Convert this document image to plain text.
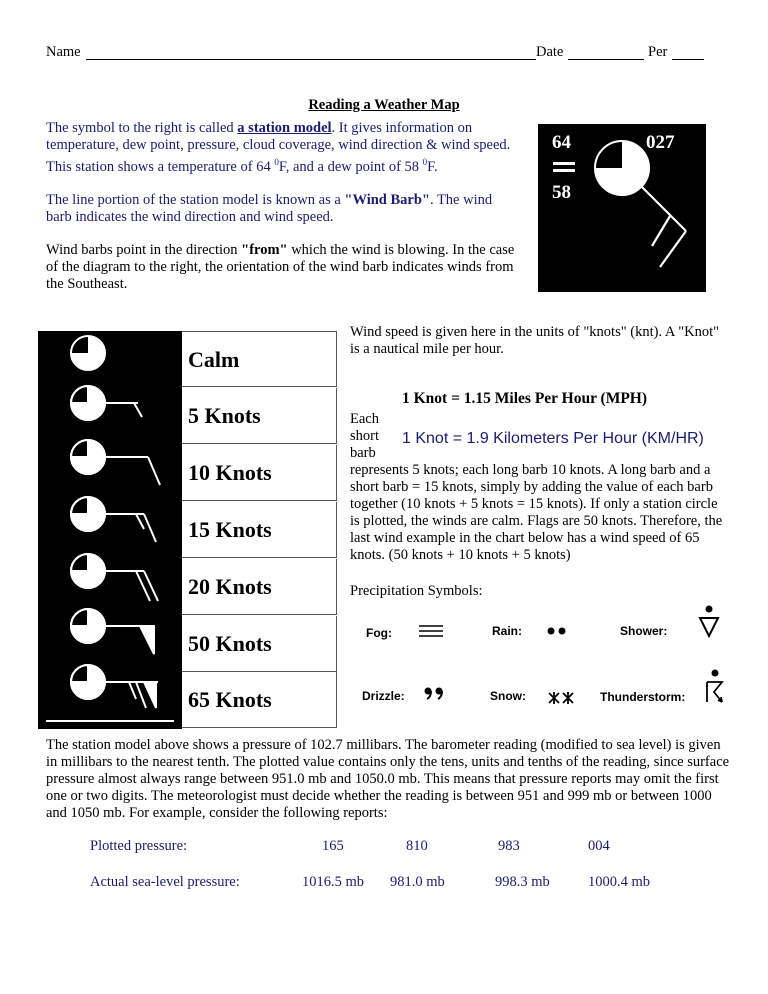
Name	Date	Per
Reading a Weather Map

The symbol to the right is called a station model. It gives information on temperature, dew point, pressure, cloud coverage, wind direction & wind speed. This station shows a temperature of 64 $^0$F, and a dew point of 58 $^0$F.

The line portion of the station model is known as a "Wind Barb". The wind barb indicates the wind direction and wind speed.

Wind barbs point in the direction "from" which the wind is blowing. In the case of the diagram to the right, the orientation of the wind barb indicates winds from the Southeast.

64
58
027
Calm
5 Knots
10 Knots
15 Knots
20 Knots
50 Knots
65 Knots

Wind speed is given here in the units of "knots" (knt). A "Knot" is a nautical mile per hour.

1 Knot = 1.15 Miles Per Hour (MPH)
Each
short 1 Knot = 1.9 Kilometers Per Hour (KM/HR)
barb

represents 5 knots; each long barb 10 knots. A long barb and a short barb = 15 knots, simply by adding the value of each barb together (10 knots + 5 knots = 15 knots). If only a station circle is plotted, the winds are calm. Flags are 50 knots. Therefore, the last wind example in the chart below has a wind speed of 65 knots. (50 knots + 10 knots + 5 knots)

Precipitation Symbols:

Fog:	Rain:	Shower:
Drizzle:	Snow:	Thunderstorm:

The station model above shows a pressure of 102.7 millibars. The barometer reading (modified to sea level) is given in millibars to the nearest tenth. The plotted value contains only the tens, units and tenths of the reading, since surface pressure almost always range between 951.0 mb and 1050.0 mb. This means that pressure reports may omit the first one or two digits. The meteorologist must decide whether the reading is between 951 and 999 mb or between 1000 and 1050 mb. For example, consider the following reports:

Plotted pressure:	165	810	983	004
Actual sea-level pressure:	1016.5 mb 981.0 mb	998.3 mb	1000.4 mb
